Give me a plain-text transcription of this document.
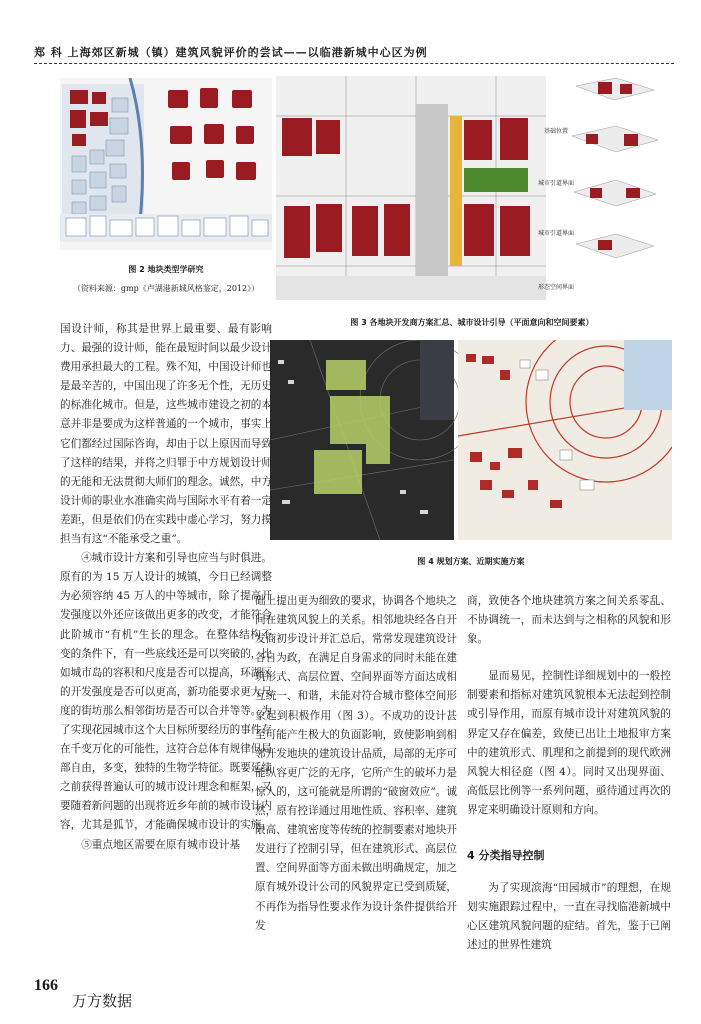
郑 科 上海郊区新城（镇）建筑风貌评价的尝试——以临港新城中心区为例
图 2 地块类型学研究
（资料来源：gmp《卢湖港新城风格鉴定，2012》）
基础位置
城市引道界面
城市引道界面
形态空间界面
图 3 各地块开发商方案汇总、城市设计引导（平面意向和空间要素）
图 4 规划方案、近期实施方案

国设计师，称其是世界上最重要、最有影响力、最强的设计师，能在最短时间以最少设计费用承担最大的工程。殊不知，中国设计师也是最辛苦的，中国出现了许多无个性，无历史的标准化城市。但是，这些城市建设之初的本意并非是要成为这样普通的一个城市，事实上它们都经过国际咨询，却由于以上原因而导致了这样的结果，并将之归罪于中方规划设计师的无能和无法贯彻大师们的理念。诚然，中方设计师的职业水准确实尚与国际水平有着一定差距，但是依们仍在实践中虚心学习，努力摸担当有这“不能承受之重”。

④城市设计方案和引导也应当与时俱进。原有的为 15 万人设计的城镇，今日已经调整为必须容纳 45 万人的中等城市，除了提高开发强度以外还应该做出更多的改变，才能符合此阶城市“有机”生长的理念。在整体结构不变的条件下，有一些底线还是可以突破的，比如城市岛的容积和尺度是否可以提高，环湖区的开发强度是否可以更高，新功能要求更大尺度的街坊那么相邻街坊是否可以合并等等。为了实现花园城市这个大目标所要经历的事件存在千变万化的可能性，这符合总体有规律但局部自由，多变，独特的生物学特征。既要延续之前获得普遍认可的城市设计理念和框架，又要随着新问题的出现将近乡年前的城市设计内容，尤其是狐节，才能确保城市设计的实施。

⑤重点地区需要在原有城市设计基

础上提出更为细致的要求，协调各个地块之间在建筑风貌上的关系。相邻地块经各自开发商初步设计并汇总后，常常发现建筑设计各自为政，在满足自身需求的同时未能在建筑形式、高层位置、空间界面等方面达成相互统一、和谐，未能对符合城市整体空间形象起到积极作用（图 3）。不成功的设计甚至可能产生极大的负面影响，致使影响到相邻开发地块的建筑设计品质，局部的无序可能纵容更广泛的无序，它所产生的破坏力是惊人的，这可能就是所谓的“破窗效应”。诚然，原有控详通过用地性质、容积率、建筑限高、建筑密度等传统的控制要素对地块开发进行了控制引导，但在建筑形式、高层位置、空间界面等方面未做出明确规定，加之原有城外设计公司的风貌界定已受到质疑，不再作为指导性要求作为设计条件提供给开发

商，致使各个地块建筑方案之间关系零乱、不协调统一，而未达到与之相称的风貌和形象。

显而易见，控制性详细规划中的一般控制要素和指标对建筑风貌根本无法起到控制或引导作用，而原有城市设计对建筑风貌的界定又存在偏差，致使已出让土地报审方案中的建筑形式、肌理和之前提到的现代欧洲风貌大相径庭（图 4）。同时又出现界面、高低层比例等一系列问题，亟待通过再次的界定来明确设计原则和方向。

4 分类指导控制

为了实现滨海“田园城市”的理想，在规划实施跟踪过程中，一直在寻找临港新城中心区建筑风貌问题的症结。首先，鉴于已阐述过的世界性建筑

166
万方数据
